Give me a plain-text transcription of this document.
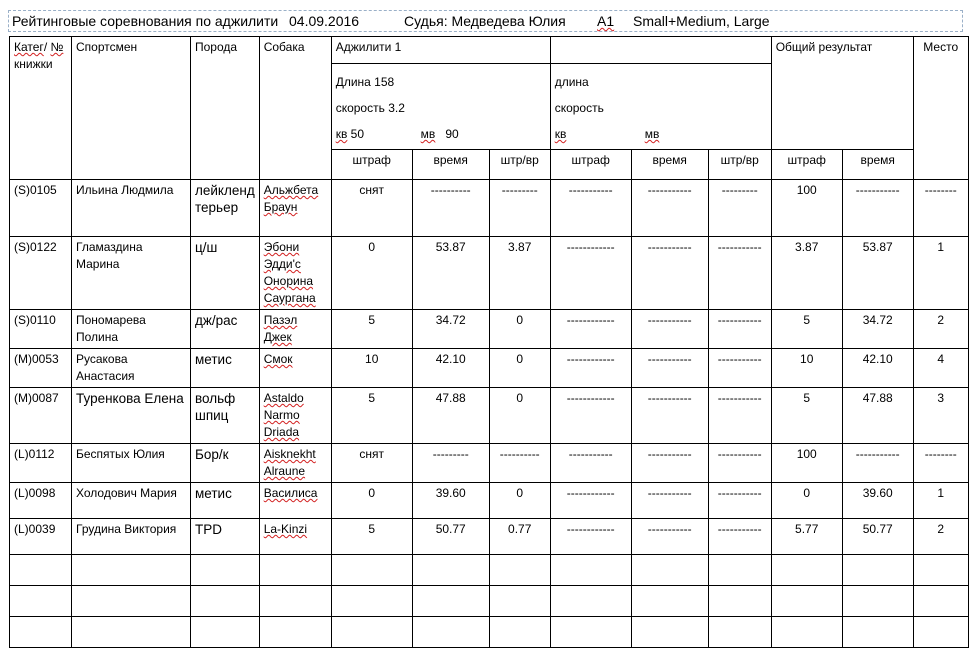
Рейтинговые соревнования по аджилити 04.09.2016	Судья: Медведева Юлия A1 Small+Medium, Large
Катег/ № книжки	Спортсмен	Порода	Собака	Аджилити 1						Общий результат		Место

				Длина 158
скорость 3.2
кв 50 мв 90			длина
скорость
кв мв					

				штраф	время	штр/вр	штраф	время	штр/вр	штраф	время	
(S)0105	Ильина Людмила	лейкленд терьер	Альжбета Браун	снят	----------	---------	-----------	-----------	---------	100	-----------	--------
(S)0122	Гламаздина Марина	ц/ш	Эбони Эдди'с Онорина Саургана	0	53.87	3.87	------------	-----------	-----------	3.87	53.87	1
(S)0110	Пономарева Полина	дж/рас	Пазэл Джек	5	34.72	0	------------	-----------	-----------	5	34.72	2
(M)0053	Русакова Анастасия	метис	Смок	10	42.10	0	------------	-----------	-----------	10	42.10	4
(M)0087	Туренкова Елена	вольф шпиц	Astaldo Narmo Driada	5	47.88	0	------------	-----------	-----------	5	47.88	3
(L)0112	Беспятых Юлия	Бор/к	Aisknekht Alraune	снят	---------	----------	-----------	-----------	-----------	100	-----------	--------
(L)0098	Холодович Мария	метис	Василиса	0	39.60	0	------------	-----------	-----------	0	39.60	1
(L)0039	Грудина Виктория	TPD	La-Kinzi	5	50.77	0.77	------------	-----------	-----------	5.77	50.77	2
